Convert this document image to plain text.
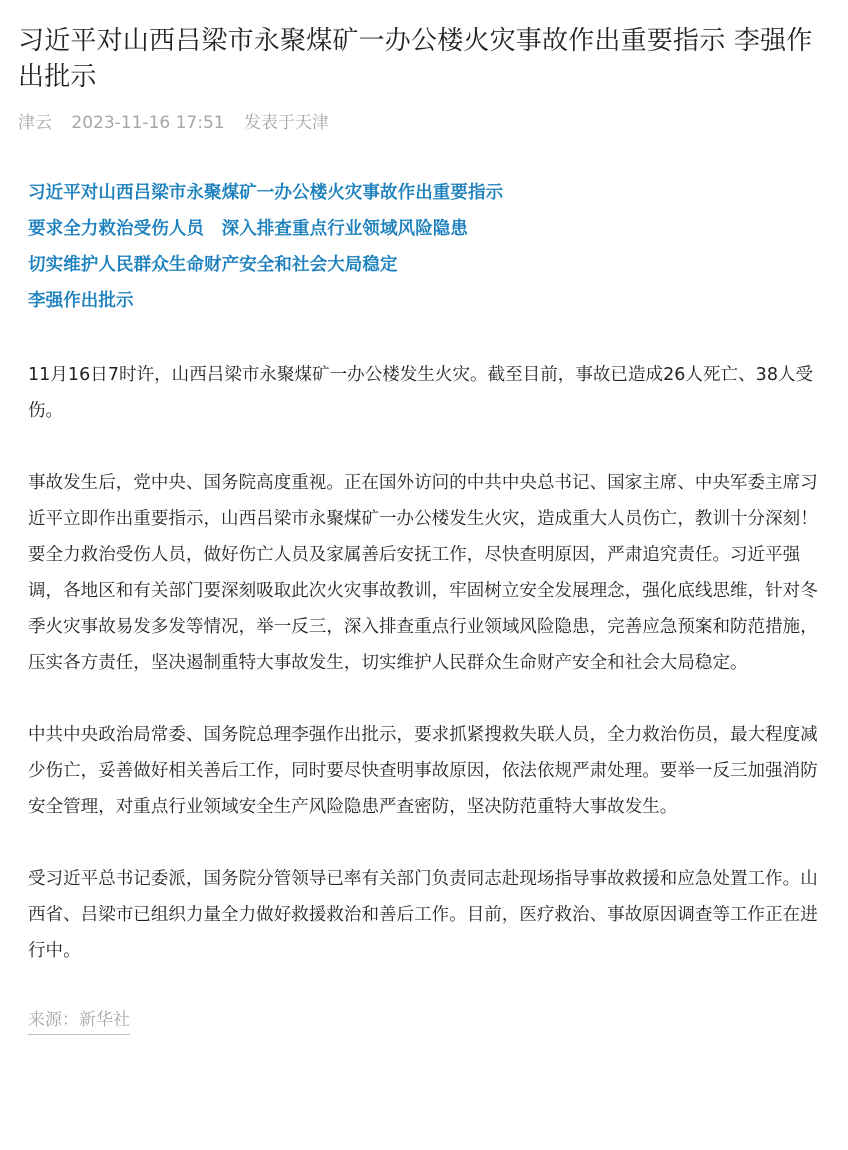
习近平对山西吕梁市永聚煤矿一办公楼火灾事故作出重要指示 李强作出批示
津云 2023-11-16 17:51 发表于天津
习近平对山西吕梁市永聚煤矿一办公楼火灾事故作出重要指示
要求全力救治受伤人员　深入排查重点行业领域风险隐患
切实维护人民群众生命财产安全和社会大局稳定
李强作出批示

11月16日7时许，山西吕梁市永聚煤矿一办公楼发生火灾。截至目前，事故已造成26人死亡、38人受伤。

事故发生后，党中央、国务院高度重视。正在国外访问的中共中央总书记、国家主席、中央军委主席习近平立即作出重要指示，山西吕梁市永聚煤矿一办公楼发生火灾，造成重大人员伤亡，教训十分深刻！要全力救治受伤人员，做好伤亡人员及家属善后安抚工作，尽快查明原因，严肃追究责任。习近平强调，各地区和有关部门要深刻吸取此次火灾事故教训，牢固树立安全发展理念，强化底线思维，针对冬季火灾事故易发多发等情况，举一反三，深入排查重点行业领域风险隐患，完善应急预案和防范措施，压实各方责任，坚决遏制重特大事故发生，切实维护人民群众生命财产安全和社会大局稳定。

中共中央政治局常委、国务院总理李强作出批示，要求抓紧搜救失联人员，全力救治伤员，最大程度减少伤亡，妥善做好相关善后工作，同时要尽快查明事故原因，依法依规严肃处理。要举一反三加强消防安全管理，对重点行业领域安全生产风险隐患严查密防，坚决防范重特大事故发生。

受习近平总书记委派，国务院分管领导已率有关部门负责同志赴现场指导事故救援和应急处置工作。山西省、吕梁市已组织力量全力做好救援救治和善后工作。目前，医疗救治、事故原因调查等工作正在进行中。

来源：新华社
